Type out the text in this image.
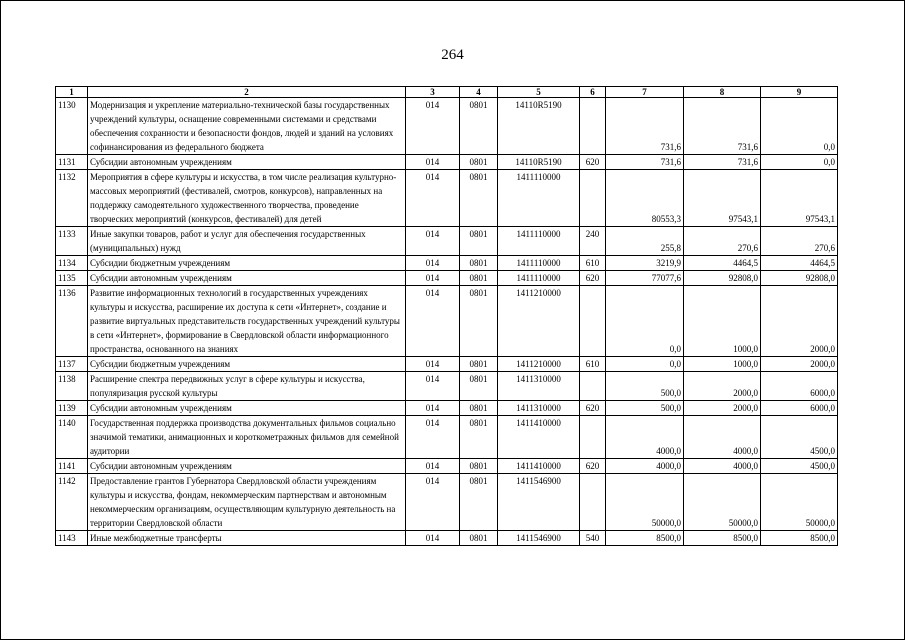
264
1	2	3	4	5	6	7	8	9
1130	Модернизация и укрепление материально-технической базы государственных учреждений культуры, оснащение современными системами и средствами обеспечения сохранности и безопасности фондов, людей и зданий на условиях софинансирования из федерального бюджета	014	0801	14110R5190		731,6	731,6	0,0
1131	Субсидии автономным учреждениям	014	0801	14110R5190	620	731,6	731,6	0,0
1132	Мероприятия в сфере культуры и искусства, в том числе реализация культурно-массовых мероприятий (фестивалей, смотров, конкурсов), направленных на поддержку самодеятельного художественного творчества, проведение творческих мероприятий (конкурсов, фестивалей) для детей	014	0801	1411110000		80553,3	97543,1	97543,1
1133	Иные закупки товаров, работ и услуг для обеспечения государственных (муниципальных) нужд	014	0801	1411110000	240	255,8	270,6	270,6
1134	Субсидии бюджетным учреждениям	014	0801	1411110000	610	3219,9	4464,5	4464,5
1135	Субсидии автономным учреждениям	014	0801	1411110000	620	77077,6	92808,0	92808,0
1136	Развитие информационных технологий в государственных учреждениях культуры и искусства, расширение их доступа к сети «Интернет», создание и развитие виртуальных представительств государственных учреждений культуры в сети «Интернет», формирование в Свердловской области информационного пространства, основанного на знаниях	014	0801	1411210000		0,0	1000,0	2000,0
1137	Субсидии бюджетным учреждениям	014	0801	1411210000	610	0,0	1000,0	2000,0
1138	Расширение спектра передвижных услуг в сфере культуры и искусства, популяризация русской культуры	014	0801	1411310000		500,0	2000,0	6000,0
1139	Субсидии автономным учреждениям	014	0801	1411310000	620	500,0	2000,0	6000,0
1140	Государственная поддержка производства документальных фильмов социально значимой тематики, анимационных и короткометражных фильмов для семейной аудитории	014	0801	1411410000		4000,0	4000,0	4500,0
1141	Субсидии автономным учреждениям	014	0801	1411410000	620	4000,0	4000,0	4500,0
1142	Предоставление грантов Губернатора Свердловской области учреждениям культуры и искусства, фондам, некоммерческим партнерствам и автономным некоммерческим организациям, осуществляющим культурную деятельность на территории Свердловской области	014	0801	1411546900		50000,0	50000,0	50000,0
1143	Иные межбюджетные трансферты	014	0801	1411546900	540	8500,0	8500,0	8500,0
